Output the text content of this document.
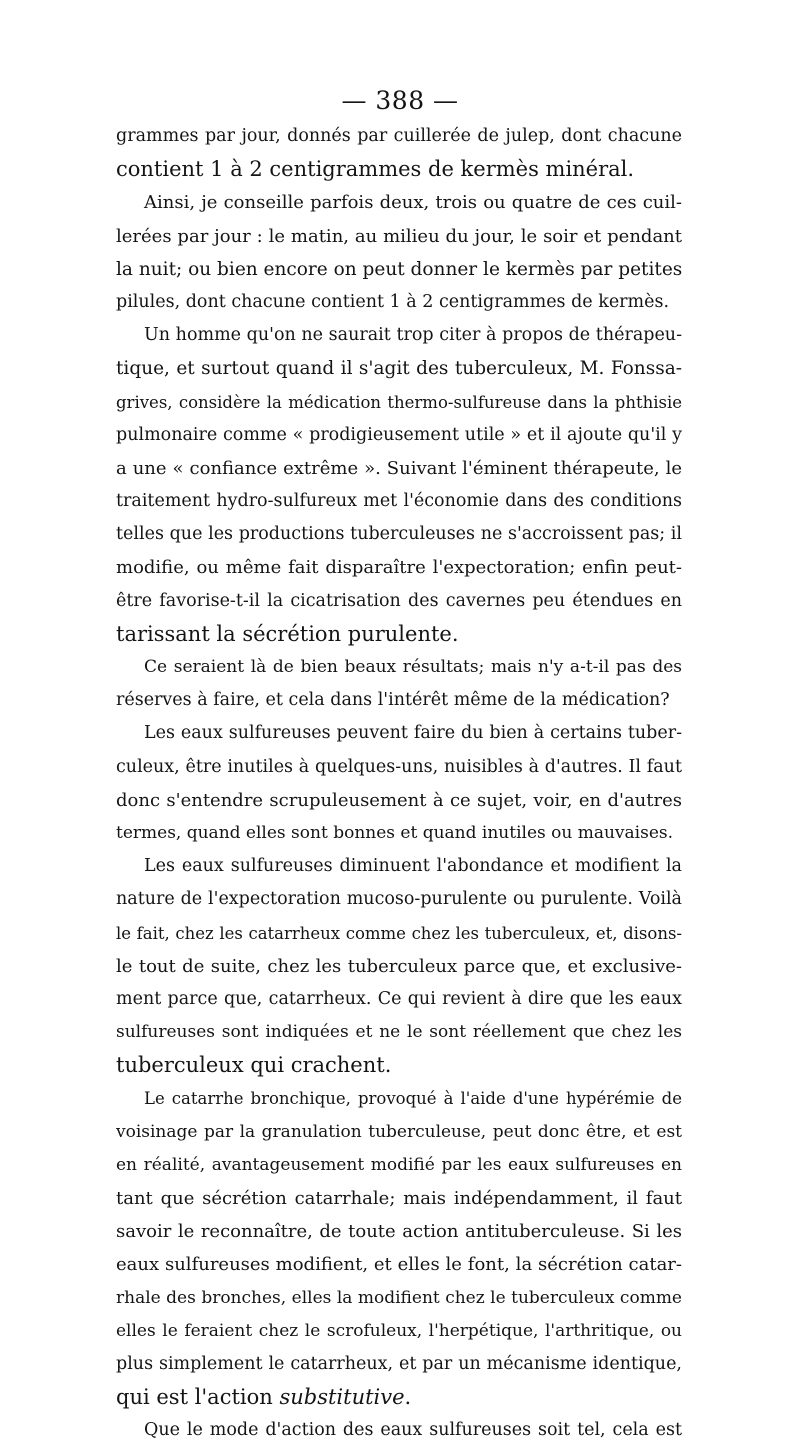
— 388 —
grammes par jour, donnés par cuillerée de julep, dont chacune
contient 1 à 2 centigrammes de kermès minéral.
Ainsi, je conseille parfois deux, trois ou quatre de ces cuil-
lerées par jour : le matin, au milieu du jour, le soir et pendant
la nuit; ou bien encore on peut donner le kermès par petites
pilules, dont chacune contient 1 à 2 centigrammes de kermès.
Un homme qu'on ne saurait trop citer à propos de thérapeu-
tique, et surtout quand il s'agit des tuberculeux, M. Fonssa-
grives, considère la médication thermo-sulfureuse dans la phthisie
pulmonaire comme « prodigieusement utile » et il ajoute qu'il y
a une « confiance extrême ». Suivant l'éminent thérapeute, le
traitement hydro-sulfureux met l'économie dans des conditions
telles que les productions tuberculeuses ne s'accroissent pas; il
modifie, ou même fait disparaître l'expectoration; enfin peut-
être favorise-t-il la cicatrisation des cavernes peu étendues en
tarissant la sécrétion purulente.
Ce seraient là de bien beaux résultats; mais n'y a-t-il pas des
réserves à faire, et cela dans l'intérêt même de la médication?
Les eaux sulfureuses peuvent faire du bien à certains tuber-
culeux, être inutiles à quelques-uns, nuisibles à d'autres. Il faut
donc s'entendre scrupuleusement à ce sujet, voir, en d'autres
termes, quand elles sont bonnes et quand inutiles ou mauvaises.
Les eaux sulfureuses diminuent l'abondance et modifient la
nature de l'expectoration mucoso-purulente ou purulente. Voilà
le fait, chez les catarrheux comme chez les tuberculeux, et, disons-
le tout de suite, chez les tuberculeux parce que, et exclusive-
ment parce que, catarrheux. Ce qui revient à dire que les eaux
sulfureuses sont indiquées et ne le sont réellement que chez les
tuberculeux qui crachent.
Le catarrhe bronchique, provoqué à l'aide d'une hypérémie de
voisinage par la granulation tuberculeuse, peut donc être, et est
en réalité, avantageusement modifié par les eaux sulfureuses en
tant que sécrétion catarrhale; mais indépendamment, il faut
savoir le reconnaître, de toute action antituberculeuse. Si les
eaux sulfureuses modifient, et elles le font, la sécrétion catar-
rhale des bronches, elles la modifient chez le tuberculeux comme
elles le feraient chez le scrofuleux, l'herpétique, l'arthritique, ou
plus simplement le catarrheux, et par un mécanisme identique,
qui est l'action substitutive.
Que le mode d'action des eaux sulfureuses soit tel, cela est
